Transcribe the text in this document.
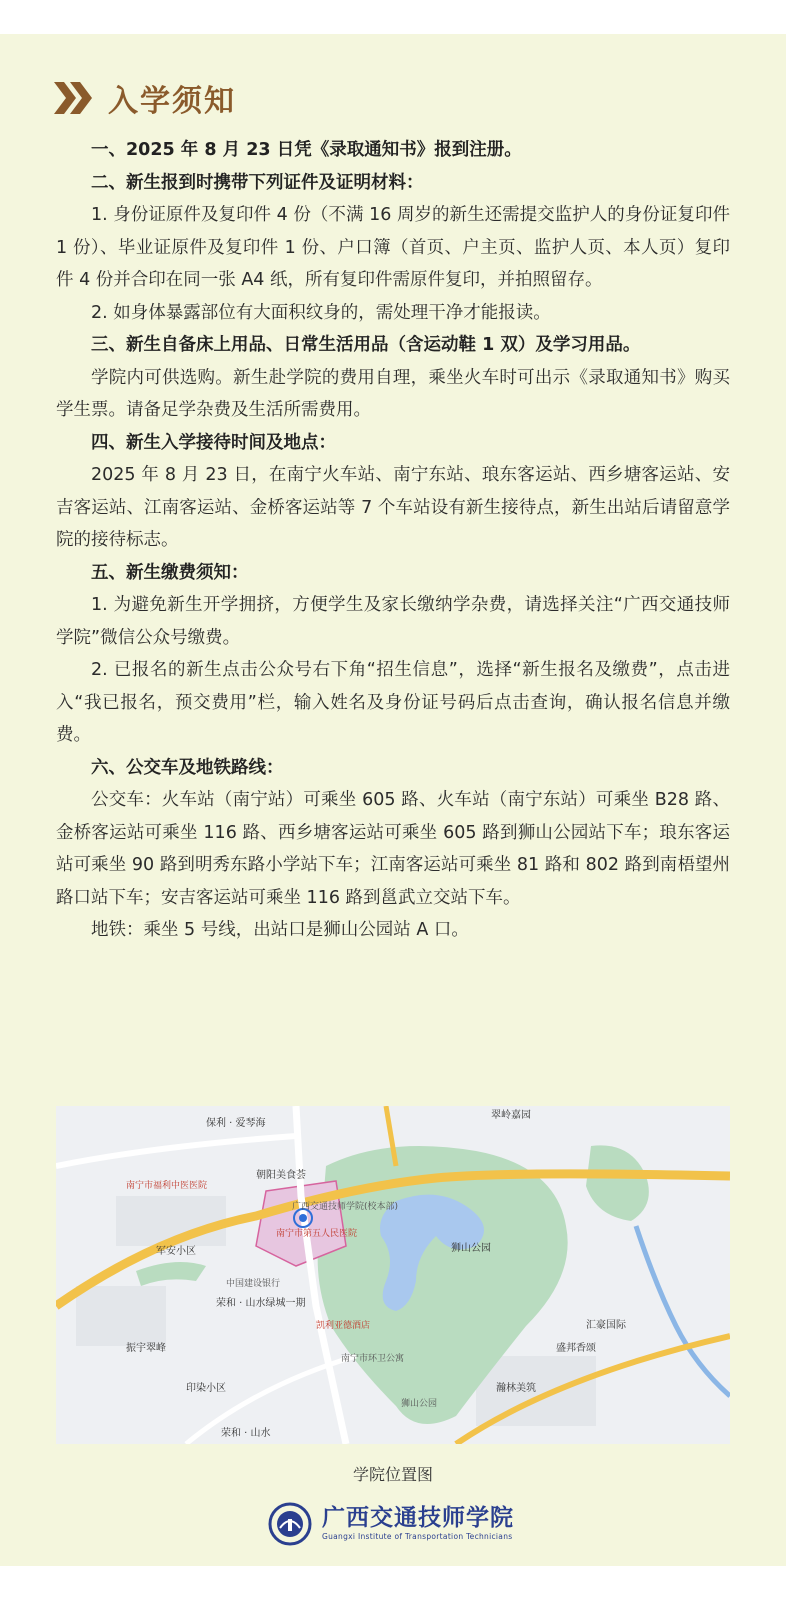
入学须知

一、2025 年 8 月 23 日凭《录取通知书》报到注册。

二、新生报到时携带下列证件及证明材料：

1. 身份证原件及复印件 4 份（不满 16 周岁的新生还需提交监护人的身份证复印件 1 份）、毕业证原件及复印件 1 份、户口簿（首页、户主页、监护人页、本人页）复印件 4 份并合印在同一张 A4 纸，所有复印件需原件复印，并拍照留存。

2. 如身体暴露部位有大面积纹身的，需处理干净才能报读。

三、新生自备床上用品、日常生活用品（含运动鞋 1 双）及学习用品。

学院内可供选购。新生赴学院的费用自理，乘坐火车时可出示《录取通知书》购买学生票。请备足学杂费及生活所需费用。

四、新生入学接待时间及地点：

2025 年 8 月 23 日，在南宁火车站、南宁东站、琅东客运站、西乡塘客运站、安吉客运站、江南客运站、金桥客运站等 7 个车站设有新生接待点，新生出站后请留意学院的接待标志。

五、新生缴费须知：

1. 为避免新生开学拥挤，方便学生及家长缴纳学杂费，请选择关注“广西交通技师学院”微信公众号缴费。

2. 已报名的新生点击公众号右下角“招生信息”，选择“新生报名及缴费”，点击进入“我已报名，预交费用”栏，输入姓名及身份证号码后点击查询，确认报名信息并缴费。

六、公交车及地铁路线：

公交车：火车站（南宁站）可乘坐 605 路、火车站（南宁东站）可乘坐 B28 路、金桥客运站可乘坐 116 路、西乡塘客运站可乘坐 605 路到狮山公园站下车；琅东客运站可乘坐 90 路到明秀东路小学站下车；江南客运站可乘坐 81 路和 802 路到南梧望州路口站下车；安吉客运站可乘坐 116 路到邕武立交站下车。

地铁：乘坐 5 号线，出站口是狮山公园站 A 口。

保利 · 爱琴海
南宁市福利中医医院
军安小区
朝阳美食荟
广西交通技师学院(校本部)
南宁市第五人民医院
狮山公园
荣和 · 山水绿城一期
南宁市环卫公寓
印染小区
翠岭嘉园
汇豪国际
盛邦香颂
瀚林美筑
振宇翠峰
凯利亚德酒店
荣和 · 山水
狮山公园
中国建设银行
学院位置图
广西交通技师学院
Guangxi Institute of Transportation Technicians
